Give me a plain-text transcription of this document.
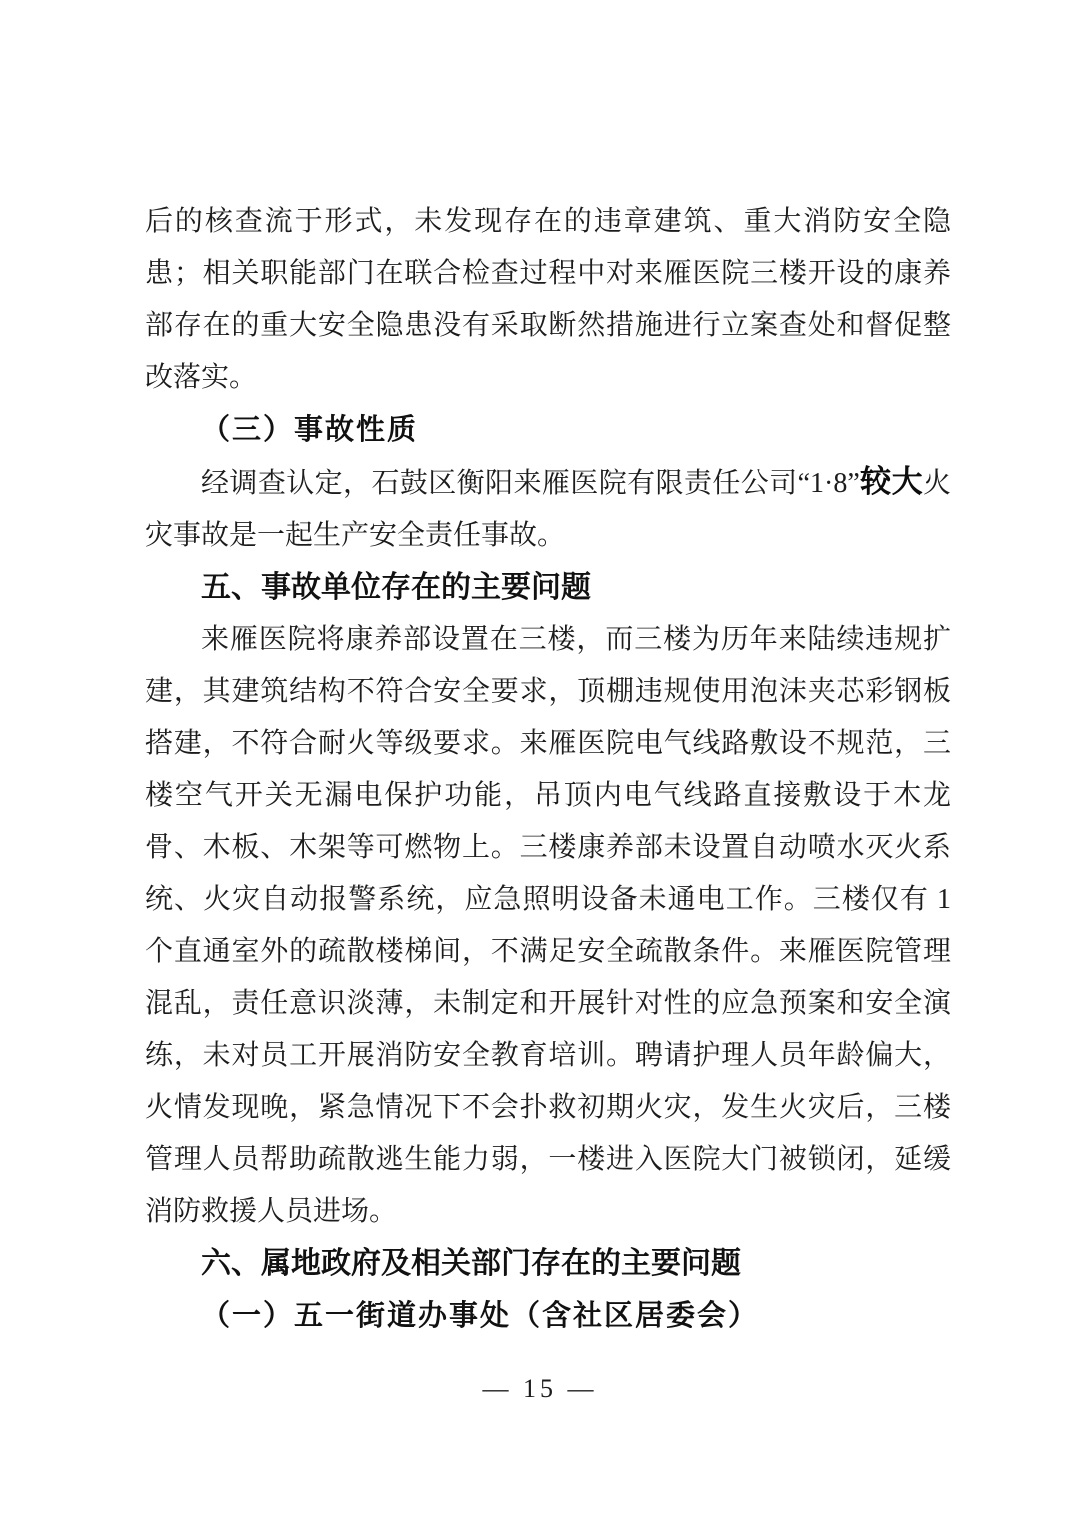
后的核查流于形式，未发现存在的违章建筑、重大消防安全隐患；相关职能部门在联合检查过程中对来雁医院三楼开设的康养部存在的重大安全隐患没有采取断然措施进行立案查处和督促整改落实。

（三）事故性质

经调查认定，石鼓区衡阳来雁医院有限责任公司“1·8”较大火灾事故是一起生产安全责任事故。

五、事故单位存在的主要问题

来雁医院将康养部设置在三楼，而三楼为历年来陆续违规扩建，其建筑结构不符合安全要求，顶棚违规使用泡沫夹芯彩钢板搭建，不符合耐火等级要求。来雁医院电气线路敷设不规范，三楼空气开关无漏电保护功能，吊顶内电气线路直接敷设于木龙骨、木板、木架等可燃物上。三楼康养部未设置自动喷水灭火系统、火灾自动报警系统，应急照明设备未通电工作。三楼仅有 1 个直通室外的疏散楼梯间，不满足安全疏散条件。来雁医院管理混乱，责任意识淡薄，未制定和开展针对性的应急预案和安全演练，未对员工开展消防安全教育培训。聘请护理人员年龄偏大，火情发现晚，紧急情况下不会扑救初期火灾，发生火灾后，三楼管理人员帮助疏散逃生能力弱，一楼进入医院大门被锁闭，延缓消防救援人员进场。

六、属地政府及相关部门存在的主要问题

（一）五一街道办事处（含社区居委会）

— 15 —
